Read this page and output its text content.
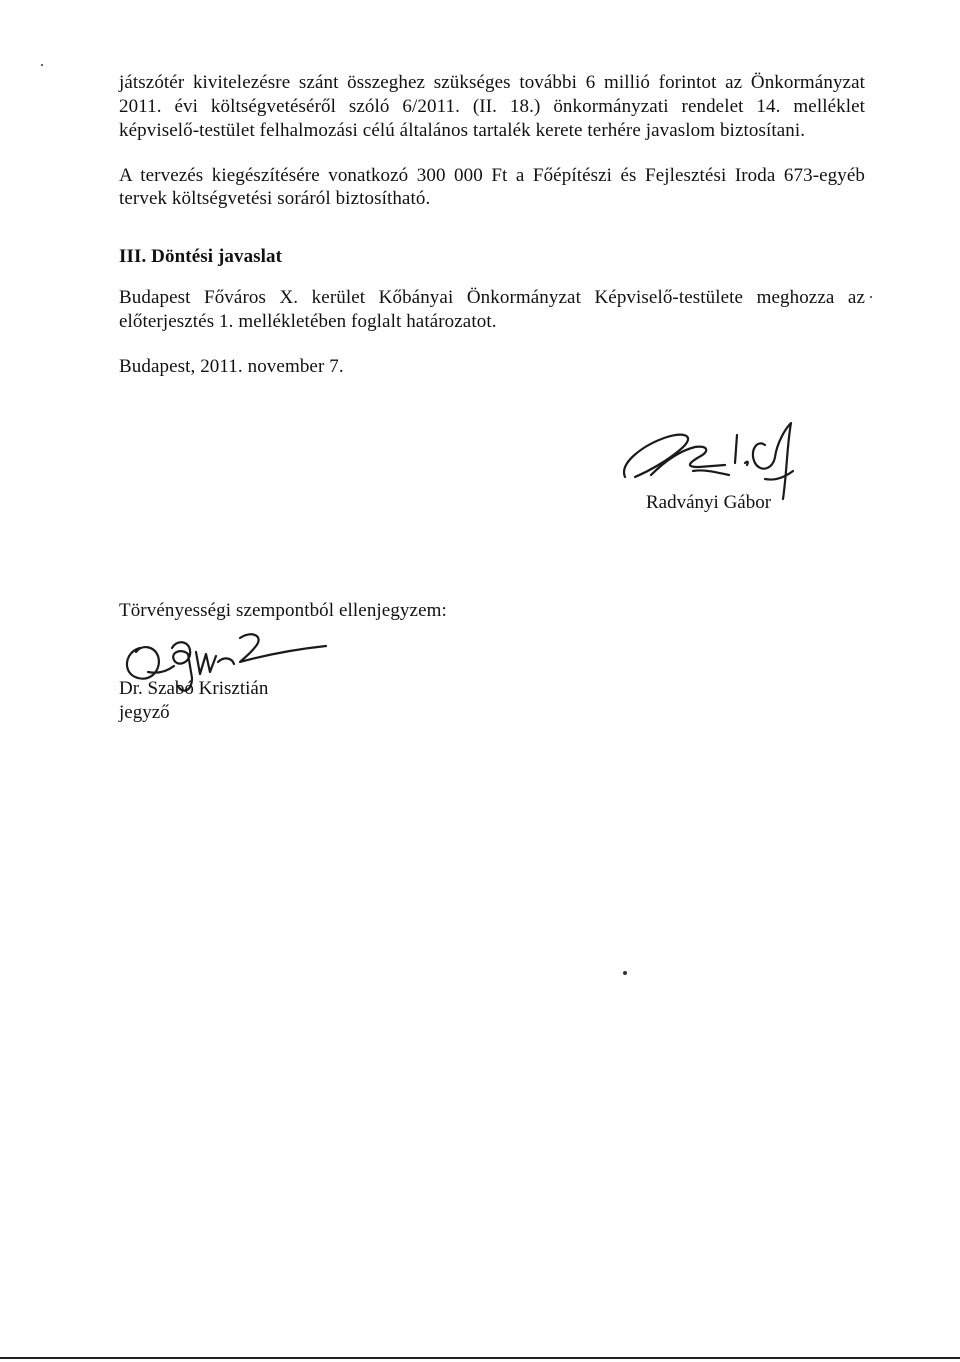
játszótér kivitelezésre szánt összeghez szükséges további 6 millió forintot az Önkormányzat
2011. évi költségvetéséről szóló 6/2011. (II. 18.) önkormányzati rendelet 14. melléklet
képviselő-testület felhalmozási célú általános tartalék kerete terhére javaslom biztosítani.
A tervezés kiegészítésére vonatkozó 300 000 Ft a Főépítészi és Fejlesztési Iroda 673-egyéb
tervek költségvetési soráról biztosítható.
III. Döntési javaslat
Budapest Főváros X. kerület Kőbányai Önkormányzat Képviselő-testülete meghozza az
előterjesztés 1. mellékletében foglalt határozatot.
Budapest, 2011. november 7.
Radványi Gábor
Törvényességi szempontból ellenjegyzem:
Dr. Szabó Krisztián
jegyző
